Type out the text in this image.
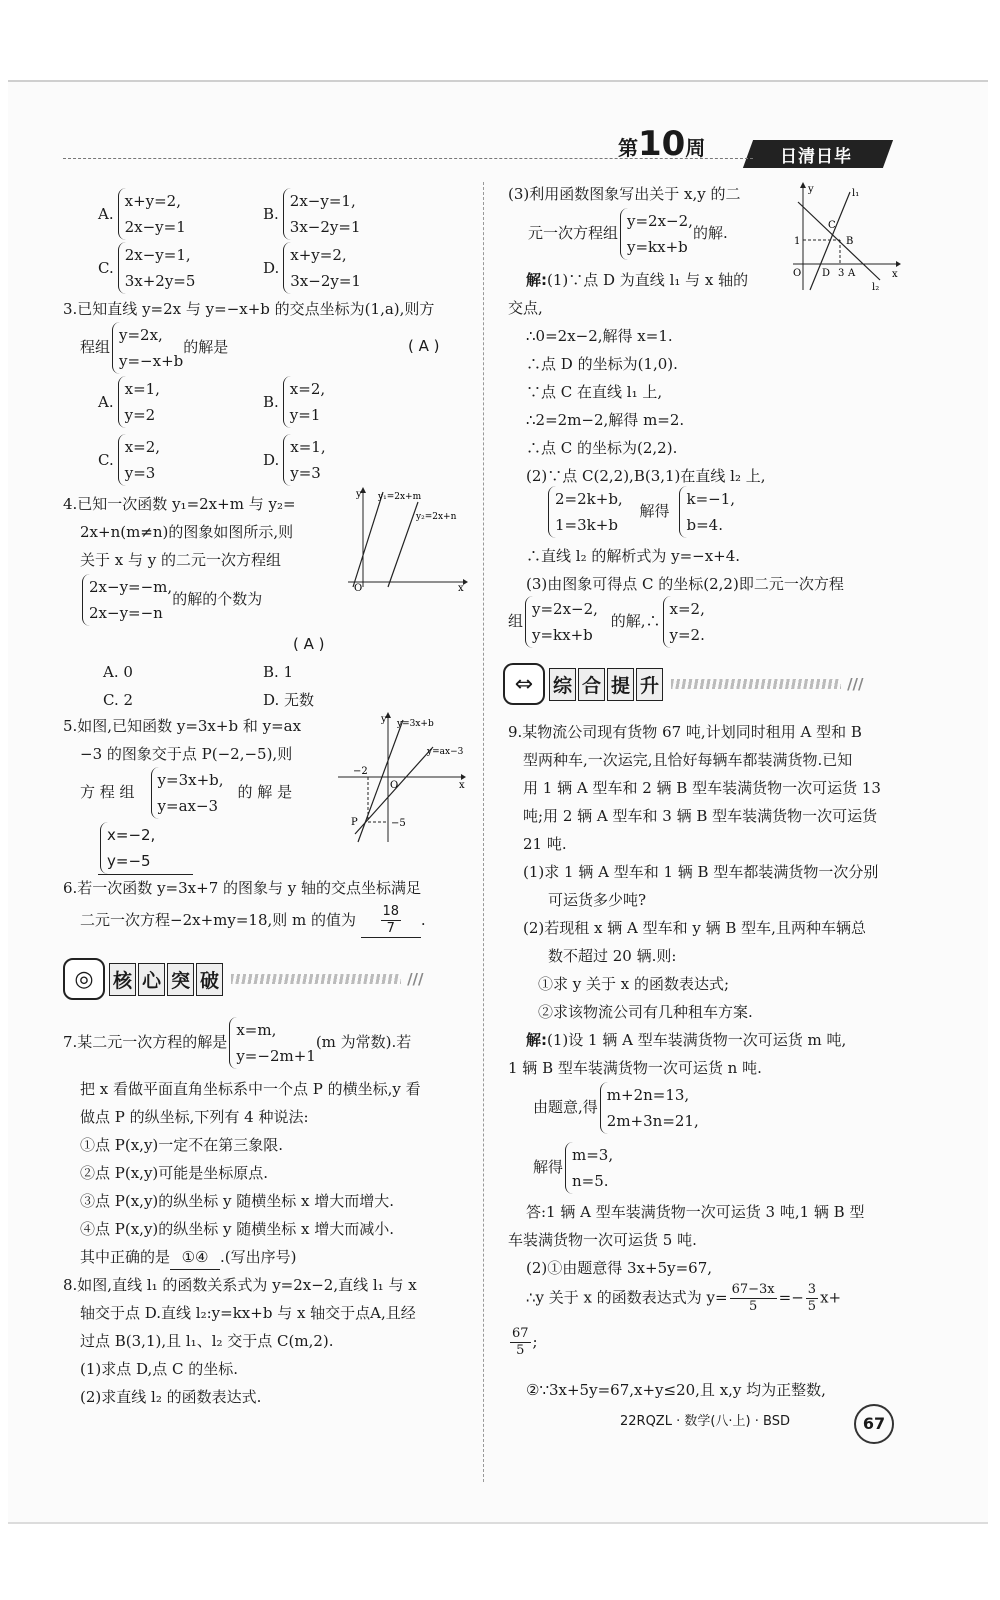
第10周	日清日毕
A.
x+y=2,
2x−y=1
B.
2x−y=1,
3x−2y=1
C.
2x−y=1,
3x+2y=5
D.
x+y=2,
3x−2y=1
3.已知直线 y=2x 与 y=−x+b 的交点坐标为(1,a),则方
程组
y=2x,
y=−x+b
的解是	( A )
A.
x=1,
y=2
B.
x=2,
y=1
C.
x=2,
y=3
D.
x=1,
y=3
4.已知一次函数 y₁=2x+m 与 y₂=
2x+n(m≠n)的图象如图所示,则
关于 x 与 y 的二元一次方程组
2x−y=−m,
2x−y=−n
的解的个数为
( A )
A. 0	B. 1
C. 2	D. 无数
y
x
O
y₁=2x+m
y₂=2x+n
5.如图,已知函数 y=3x+b 和 y=ax
−3 的图象交于点 P(−2,−5),则
方 程 组
y=3x+b,
y=ax−3
的 解 是
x=−2,
y=−5
y
x
O
−2
−5
P
y=3x+b
y=ax−3
6.若一次函数 y=3x+7 的图象与 y 轴的交点坐标满足
二元一次方程−2x+my=18,则 m 的值为 $\frac{18}{7}$ .
◎	核 心 突 破	///
7.某二元一次方程的解是
x=m,
y=−2m+1
(m 为常数).若
把 x 看做平面直角坐标系中一个点 P 的横坐标,y 看
做点 P 的纵坐标,下列有 4 种说法:
①点 P(x,y)一定不在第三象限.
②点 P(x,y)可能是坐标原点.
③点 P(x,y)的纵坐标 y 随横坐标 x 增大而增大.
④点 P(x,y)的纵坐标 y 随横坐标 x 增大而减小.
其中正确的是 ①④ .(写出序号)
8.如图,直线 l₁ 的函数关系式为 y=2x−2,直线 l₁ 与 x
轴交于点 D.直线 l₂:y=kx+b 与 x 轴交于点A,且经
过点 B(3,1),且 l₁、l₂ 交于点 C(m,2).
(1)求点 D,点 C 的坐标.
(2)求直线 l₂ 的函数表达式.
(3)利用函数图象写出关于 x,y 的二
元一次方程组
y=2x−2,
y=kx+b
的解.
y
x
l₁
l₂
C
B
1
O D 3 A
解:(1)∵点 D 为直线 l₁ 与 x 轴的
交点,
∴0=2x−2,解得 x=1.
∴点 D 的坐标为(1,0).
∵点 C 在直线 l₁ 上,
∴2=2m−2,解得 m=2.
∴点 C 的坐标为(2,2).
(2)∵点 C(2,2),B(3,1)在直线 l₂ 上,
2=2k+b,
1=3k+b
解得
k=−1,
b=4.
∴直线 l₂ 的解析式为 y=−x+4.
(3)由图象可得点 C 的坐标(2,2)即二元一次方程
组
y=2x−2,
y=kx+b
的解,∴
x=2,
y=2.
⇔	综 合 提 升	///
9.某物流公司现有货物 67 吨,计划同时租用 A 型和 B
型两种车,一次运完,且恰好每辆车都装满货物.已知
用 1 辆 A 型车和 2 辆 B 型车装满货物一次可运货 13
吨;用 2 辆 A 型车和 3 辆 B 型车装满货物一次可运货
21 吨.
(1)求 1 辆 A 型车和 1 辆 B 型车都装满货物一次分别
可运货多少吨?
(2)若现租 x 辆 A 型车和 y 辆 B 型车,且两种车辆总
数不超过 20 辆.则:
①求 y 关于 x 的函数表达式;
②求该物流公司有几种租车方案.
解:(1)设 1 辆 A 型车装满货物一次可运货 m 吨,
1 辆 B 型车装满货物一次可运货 n 吨.
由题意,得
m+2n=13,
2m+3n=21,
解得
m=3,
n=5.
答:1 辆 A 型车装满货物一次可运货 3 吨,1 辆 B 型
车装满货物一次可运货 5 吨.
(2)①由题意得 3x+5y=67,
∴y 关于 x 的函数表达式为 $y= \frac{67-3x}{5} =- \frac{3}{5} x+$
$\frac{67}{5}$ ;
②∵3x+5y=67,x+y≤20,且 x,y 均为正整数,
22RQZL · 数学(八·上) · BSD	67
